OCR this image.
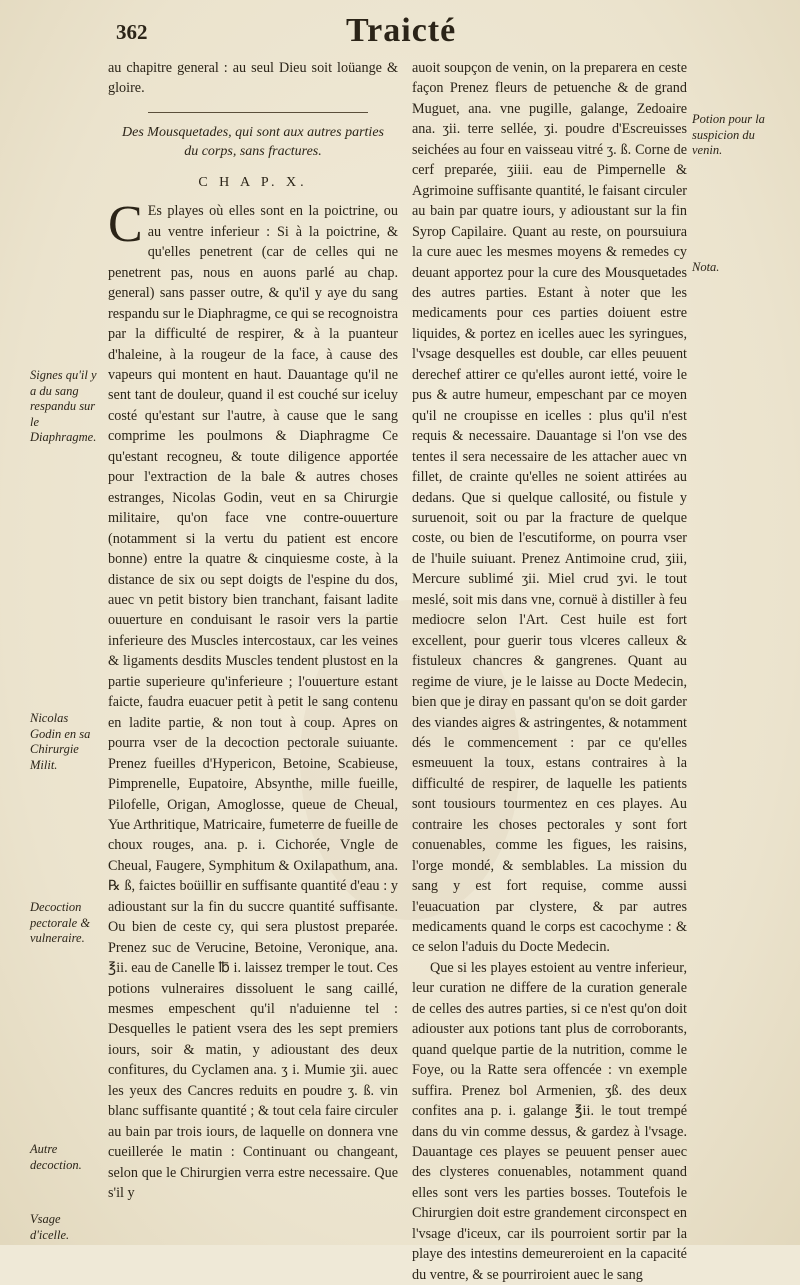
362	Traicté
Signes qu'il y a du sang respandu sur le Diaphragme.
Nicolas Godin en sa Chirurgie Milit.
Decoction pectorale & vulneraire.
Autre decoction.
Vsage d'icelle.
Potion pour la suspicion du venin.
Nota.

au chapitre general : au seul Dieu soit loüange & gloire.

Des Mousquetades, qui sont aux autres parties du corps, sans fractures.

C H A P. X.

C Es playes où elles sont en la poictrine, ou au ventre inferieur : Si à la poictrine, & qu'elles penetrent (car de celles qui ne penetrent pas, nous en auons parlé au chap. general) sans passer outre, & qu'il y aye du sang respandu sur le Diaphragme, ce qui se recognoistra par la difficulté de respirer, & à la puanteur d'haleine, à la rougeur de la face, à cause des vapeurs qui montent en haut. Dauantage qu'il ne sent tant de douleur, quand il est couché sur iceluy costé qu'estant sur l'autre, à cause que le sang comprime les poulmons & Diaphragme Ce qu'estant recogneu, & toute diligence apportée pour l'extraction de la bale & autres choses estranges, Nicolas Godin, veut en sa Chirurgie militaire, qu'on face vne contre-ouuerture (notamment si la vertu du patient est encore bonne) entre la quatre & cinquiesme coste, à la distance de six ou sept doigts de l'espine du dos, auec vn petit bistory bien tranchant, faisant ladite ouuerture en conduisant le rasoir vers la partie inferieure des Muscles intercostaux, car les veines & ligaments desdits Muscles tendent plustost en la partie superieure qu'inferieure ; l'ouuerture estant faicte, faudra euacuer petit à petit le sang contenu en ladite partie, & non tout à coup. Apres on pourra vser de la decoction pectorale suiuante. Prenez fueilles d'Hypericon, Betoine, Scabieuse, Pimprenelle, Eupatoire, Absynthe, mille fueille, Pilofelle, Origan, Amoglosse, queue de Cheual, Yue Arthritique, Matricaire, fumeterre de fueille de choux rouges, ana. p. i. Cichorée, Vngle de Cheual, Faugere, Symphitum & Oxilapathum, ana. ℞ ß, faictes boüillir en suffisante quantité d'eau : y adioustant sur la fin du succre quantité suffisante. Ou bien de ceste cy, qui sera plustost preparée. Prenez suc de Verucine, Betoine, Veronique, ana. ℥ii. eau de Canelle ℔ i. laissez tremper le tout. Ces potions vulneraires dissoluent le sang caillé, mesmes empeschent qu'il n'aduienne tel : Desquelles le patient vsera des les sept premiers iours, soir & matin, y adioustant des deux confitures, du Cyclamen ana. ʒ i. Mumie ʒii. auec les yeux des Cancres reduits en poudre ʒ. ß. vin blanc suffisante quantité ; & tout cela faire circuler au bain par trois iours, de laquelle on donnera vne cueillerée le matin : Continuant ou changeant, selon que le Chirurgien verra estre necessaire. Que s'il y

auoit soupçon de venin, on la preparera en ceste façon Prenez fleurs de petuenche & de grand Muguet, ana. vne pugille, galange, Zedoaire ana. ʒii. terre sellée, ʒi. poudre d'Escreuisses seichées au four en vaisseau vitré ʒ. ß. Corne de cerf preparée, ʒiiii. eau de Pimpernelle & Agrimoine suffisante quantité, le faisant circuler au bain par quatre iours, y adioustant sur la fin Syrop Capilaire. Quant au reste, on poursuiura la cure auec les mesmes moyens & remedes cy deuant apportez pour la cure des Mousquetades des autres parties. Estant à noter que les medicaments pour ces parties doiuent estre liquides, & portez en icelles auec les syringues, l'vsage desquelles est double, car elles peuuent derechef attirer ce qu'elles auront ietté, voire le pus & autre humeur, empeschant par ce moyen qu'il ne croupisse en icelles : plus qu'il n'est requis & necessaire. Dauantage si l'on vse des tentes il sera necessaire de les attacher auec vn fillet, de crainte qu'elles ne soient attirées au dedans. Que si quelque callosité, ou fistule y suruenoit, soit ou par la fracture de quelque coste, ou bien de l'escutiforme, on pourra vser de l'huile suiuant. Prenez Antimoine crud, ʒiii, Mercure sublimé ʒii. Miel crud ʒvi. le tout meslé, soit mis dans vne, cornuë à distiller à feu mediocre selon l'Art. Cest huile est fort excellent, pour guerir tous vlceres calleux & fistuleux chancres & gangrenes. Quant au regime de viure, je le laisse au Docte Medecin, bien que je diray en passant qu'on se doit garder des viandes aigres & astringentes, & notamment dés le commencement : par ce qu'elles esmeuuent la toux, estans contraires à la difficulté de respirer, de laquelle les patients sont tousiours tourmentez en ces playes. Au contraire les choses pectorales y sont fort conuenables, comme les figues, les raisins, l'orge mondé, & semblables. La mission du sang y est fort requise, comme aussi l'euacuation par clystere, & par autres medicaments quand le corps est cacochyme : & ce selon l'aduis du Docte Medecin.

Que si les playes estoient au ventre inferieur, leur curation ne differe de la curation generale de celles des autres parties, si ce n'est qu'on doit adiouster aux potions tant plus de corroborants, quand quelque partie de la nutrition, comme le Foye, ou la Ratte sera offencée : vn exemple suffira. Prenez bol Armenien, ʒß. des deux confites ana p. i. galange ℥ii. le tout trempé dans du vin comme dessus, & gardez à l'vsage. Dauantage ces playes se peuuent penser auec des clysteres conuenables, notamment quand elles sont vers les parties bosses. Toutefois le Chirurgien doit estre grandement circonspect en l'vsage d'iceux, car ils pourroient sortir par la playe des intestins demeureroient en la capacité du ventre, & se pourriroient auec le sang
